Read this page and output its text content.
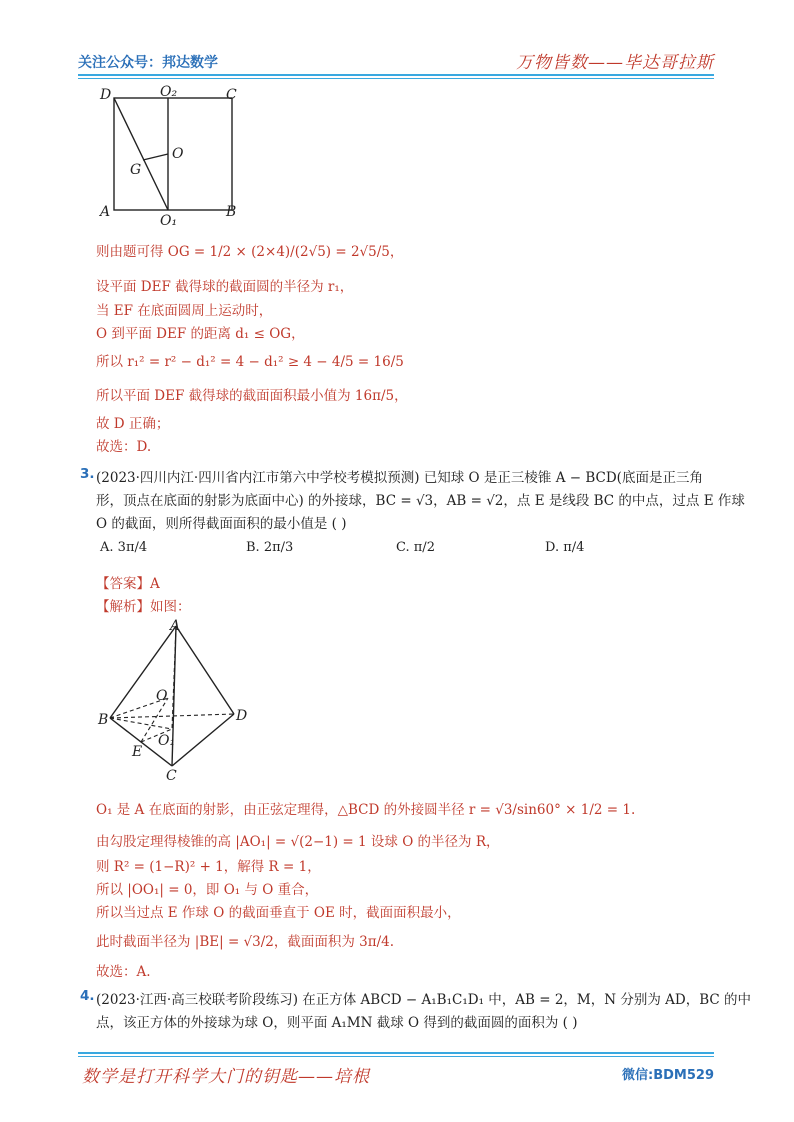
关注公众号：邦达数学	万物皆数——毕达哥拉斯
D	O₂	C
G
O
A
O₁
B
则由题可得 OG = 1/2 × (2×4)/(2√5) = 2√5/5，
设平面 DEF 截得球的截面圆的半径为 r₁，
当 EF 在底面圆周上运动时，
O 到平面 DEF 的距离 d₁ ≤ OG，
所以 r₁² = r² − d₁² = 4 − d₁² ≥ 4 − 4/5 = 16/5
所以平面 DEF 截得球的截面面积最小值为 16π/5，
故 D 正确；
故选：D.
3. (2023·四川内江·四川省内江市第六中学校考模拟预测) 已知球 O 是正三棱锥 A − BCD(底面是正三角
形，顶点在底面的射影为底面中心) 的外接球，BC = √3，AB = √2，点 E 是线段 BC 的中点，过点 E 作球
O 的截面，则所得截面面积的最小值是 ( )
A. 3π/4	B. 2π/3	C. π/2	D. π/4
【答案】A
【解析】如图：
A
B	D
C
O
O₁
E
O₁ 是 A 在底面的射影，由正弦定理得，△BCD 的外接圆半径 r = √3/sin60° × 1/2 = 1.
由勾股定理得棱锥的高 |AO₁| = √(2−1) = 1 设球 O 的半径为 R，
则 R² = (1−R)² + 1，解得 R = 1，
所以 |OO₁| = 0，即 O₁ 与 O 重合，
所以当过点 E 作球 O 的截面垂直于 OE 时，截面面积最小，
此时截面半径为 |BE| = √3/2，截面面积为 3π/4.
故选：A.
4. (2023·江西·高三校联考阶段练习) 在正方体 ABCD − A₁B₁C₁D₁ 中，AB = 2，M，N 分别为 AD，BC 的中
点，该正方体的外接球为球 O，则平面 A₁MN 截球 O 得到的截面圆的面积为 ( )
数学是打开科学大门的钥匙——培根	微信:BDM529
